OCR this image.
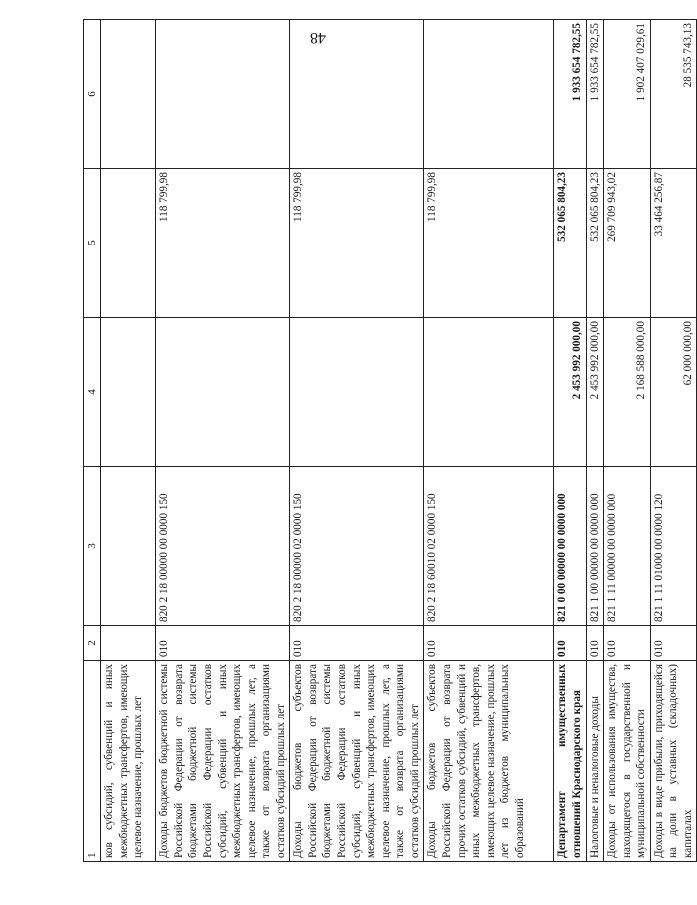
48
1	2	3	4	5	6
ков субсидий, субвенций и иных межбюджетных трансфертов, имеющих целевое назначение, прошлых лет					
Доходы бюджетов бюджетной системы Российской Федерации от возврата бюджетами бюджетной системы Российской Федерации остатков субсидий, субвенций и иных межбюджетных трансфертов, имеющих целевое назначение, прошлых лет, а также от возврата организациями остатков субсидий прошлых лет	010	820 2 18 00000 00 0000 150		118 799,98	
Доходы бюджетов субъектов Российской Федерации от возврата бюджетами бюджетной системы Российской Федерации остатков субсидий, субвенций и иных межбюджетных трансфертов, имеющих целевое назначение, прошлых лет, а также от возврата организациями остатков субсидий прошлых лет	010	820 2 18 00000 02 0000 150		118 799,98	
Доходы бюджетов субъектов Российской Федерации от возврата прочих остатков субсидий, субвенций и иных межбюджетных трансфертов, имеющих целевое назначение, прошлых лет из бюджетов муниципальных образований	010	820 2 18 60010 02 0000 150		118 799,98	
Департамент имущественных отношений Краснодарского края	010	821 0 00 00000 00 0000 000	2 453 992 000,00	532 065 804,23	1 933 654 782,55
Налоговые и неналоговые доходы	010	821 1 00 00000 00 0000 000	2 453 992 000,00	532 065 804,23	1 933 654 782,55
Доходы от использования имущества, находящегося в государственной и муниципальной собственности	010	821 1 11 00000 00 0000 000	2 168 588 000,00	269 709 943,02	1 902 407 029,61
Доходы в виде прибыли, приходящейся на доли в уставных (складочных) капиталах	010	821 1 11 01000 00 0000 120	62 000 000,00	33 464 256,87	28 535 743,13
